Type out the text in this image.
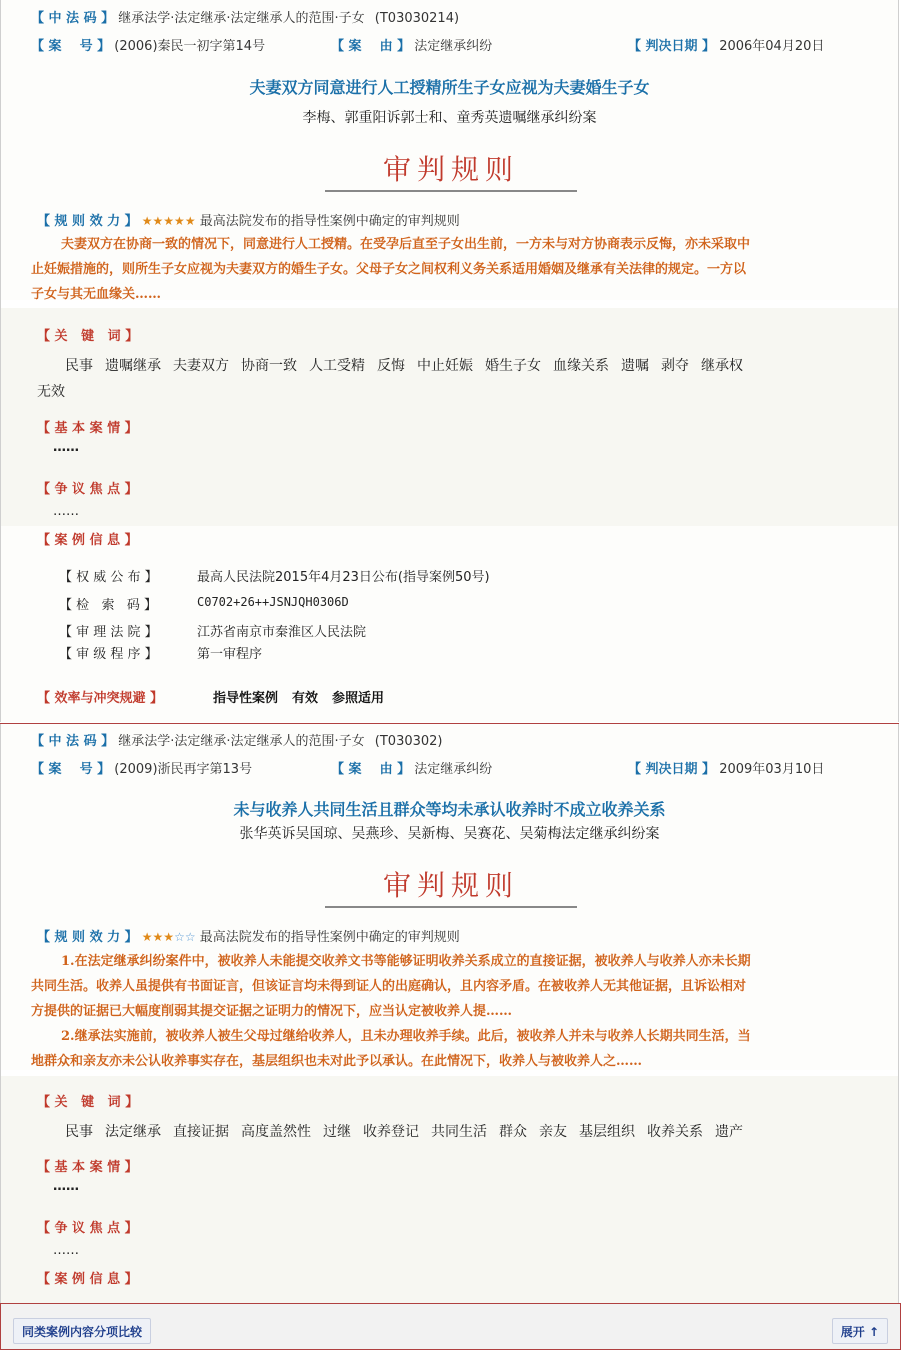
【 中 法 码 】 继承法学·法定继承·法定继承人的范围·子女 (T03030214)
【 案    号 】 (2006)秦民一初字第14号	【 案    由 】 法定继承纠纷	【 判决日期 】 2006年04月20日
夫妻双方同意进行人工授精所生子女应视为夫妻婚生子女
李梅、郭重阳诉郭士和、童秀英遗嘱继承纠纷案
审判规则
【 规 则 效 力 】 ★★★★★ 最高法院发布的指导性案例中确定的审判规则
夫妻双方在协商一致的情况下，同意进行人工授精。在受孕后直至子女出生前，一方未与对方协商表示反悔，亦未采取中
止妊娠措施的，则所生子女应视为夫妻双方的婚生子女。父母子女之间权利义务关系适用婚姻及继承有关法律的规定。一方以
子女与其无血缘关……
【 关   键   词 】
民事 遗嘱继承 夫妻双方 协商一致 人工受精 反悔 中止妊娠 婚生子女 血缘关系 遗嘱 剥夺 继承权
无效
【 基 本 案 情 】
……
【 争 议 焦 点 】
……
【 案 例 信 息 】
【 权 威 公 布 】	最高人民法院2015年4月23日公布(指导案例50号)
【 检   索   码 】	C0702+26++JSNJQH0306D
【 审 理 法 院 】	江苏省南京市秦淮区人民法院
【 审 级 程 序 】	第一审程序
【 效率与冲突规避 】	指导性案例 有效 参照适用
【 中 法 码 】 继承法学·法定继承·法定继承人的范围·子女 (T030302)
【 案    号 】 (2009)浙民再字第13号	【 案    由 】 法定继承纠纷	【 判决日期 】 2009年03月10日
未与收养人共同生活且群众等均未承认收养时不成立收养关系
张华英诉吴国琼、吴燕珍、吴新梅、吴赛花、吴菊梅法定继承纠纷案
审判规则
【 规 则 效 力 】 ★★★☆☆ 最高法院发布的指导性案例中确定的审判规则
1.在法定继承纠纷案件中，被收养人未能提交收养文书等能够证明收养关系成立的直接证据，被收养人与收养人亦未长期
共同生活。收养人虽提供有书面证言，但该证言均未得到证人的出庭确认，且内容矛盾。在被收养人无其他证据，且诉讼相对
方提供的证据已大幅度削弱其提交证据之证明力的情况下，应当认定被收养人提……
2.继承法实施前，被收养人被生父母过继给收养人，且未办理收养手续。此后，被收养人并未与收养人长期共同生活，当
地群众和亲友亦未公认收养事实存在，基层组织也未对此予以承认。在此情况下，收养人与被收养人之……
【 关   键   词 】
民事 法定继承 直接证据 高度盖然性 过继 收养登记 共同生活 群众 亲友 基层组织 收养关系 遗产
【 基 本 案 情 】
……
【 争 议 焦 点 】
……
【 案 例 信 息 】
同类案例内容分项比较	展开 ↑
